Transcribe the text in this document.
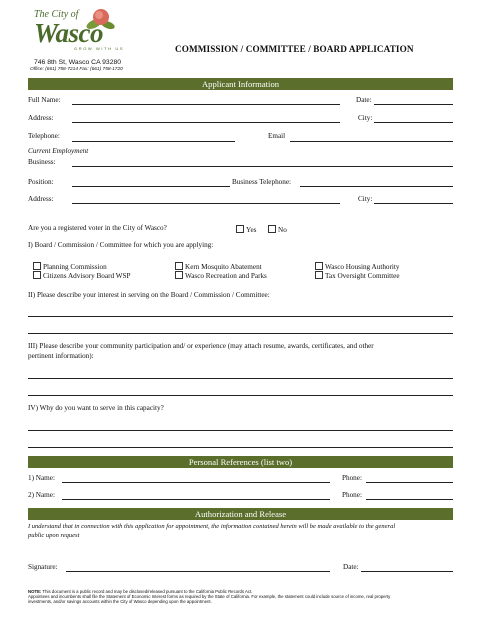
The City of
Wasco
GROW WITH US
746 8th St, Wasco CA 93280
Office: (661) 758-7214 Fax: (661) 758-1720
COMMISSION / COMMITTEE / BOARD APPLICATION
Applicant Information
Full Name:	Date:
Address:	City:
Telephone:	Email
Current Employment
Business:
Position:	Business Telephone:
Address:	City:
Are you a registered voter in the City of Wasco?	Yes	No
I) Board / Commission / Committee for which you are applying:
Planning Commission	Kern Mosquito Abatement	Wasco Housing Authority
Citizens Advisory Board WSP	Wasco Recreation and Parks	Tax Oversight Committee
II) Please describe your interest in serving on the Board / Commission / Committee:
III) Please describe your community participation and/ or experience (may attach resume, awards, certificates, and other
pertinent information):
IV) Why do you want to serve in this capacity?
Personal References (list two)
1) Name:	Phone:
2) Name:	Phone:
Authorization and Release
I understand that in connection with this application for appointment, the information contained herein will be made available to the general
public upon request
Signature:	Date:
NOTE: This document is a public record and may be disclosed/released pursuant to the California Public Records Act.
Appointees and incumbents shall file the Statement of Economic Interest forms as required by the State of California. For example, the statement could include source of income, real property
investments, and/or savings accounts within the City of Wasco depending upon the appointment.
